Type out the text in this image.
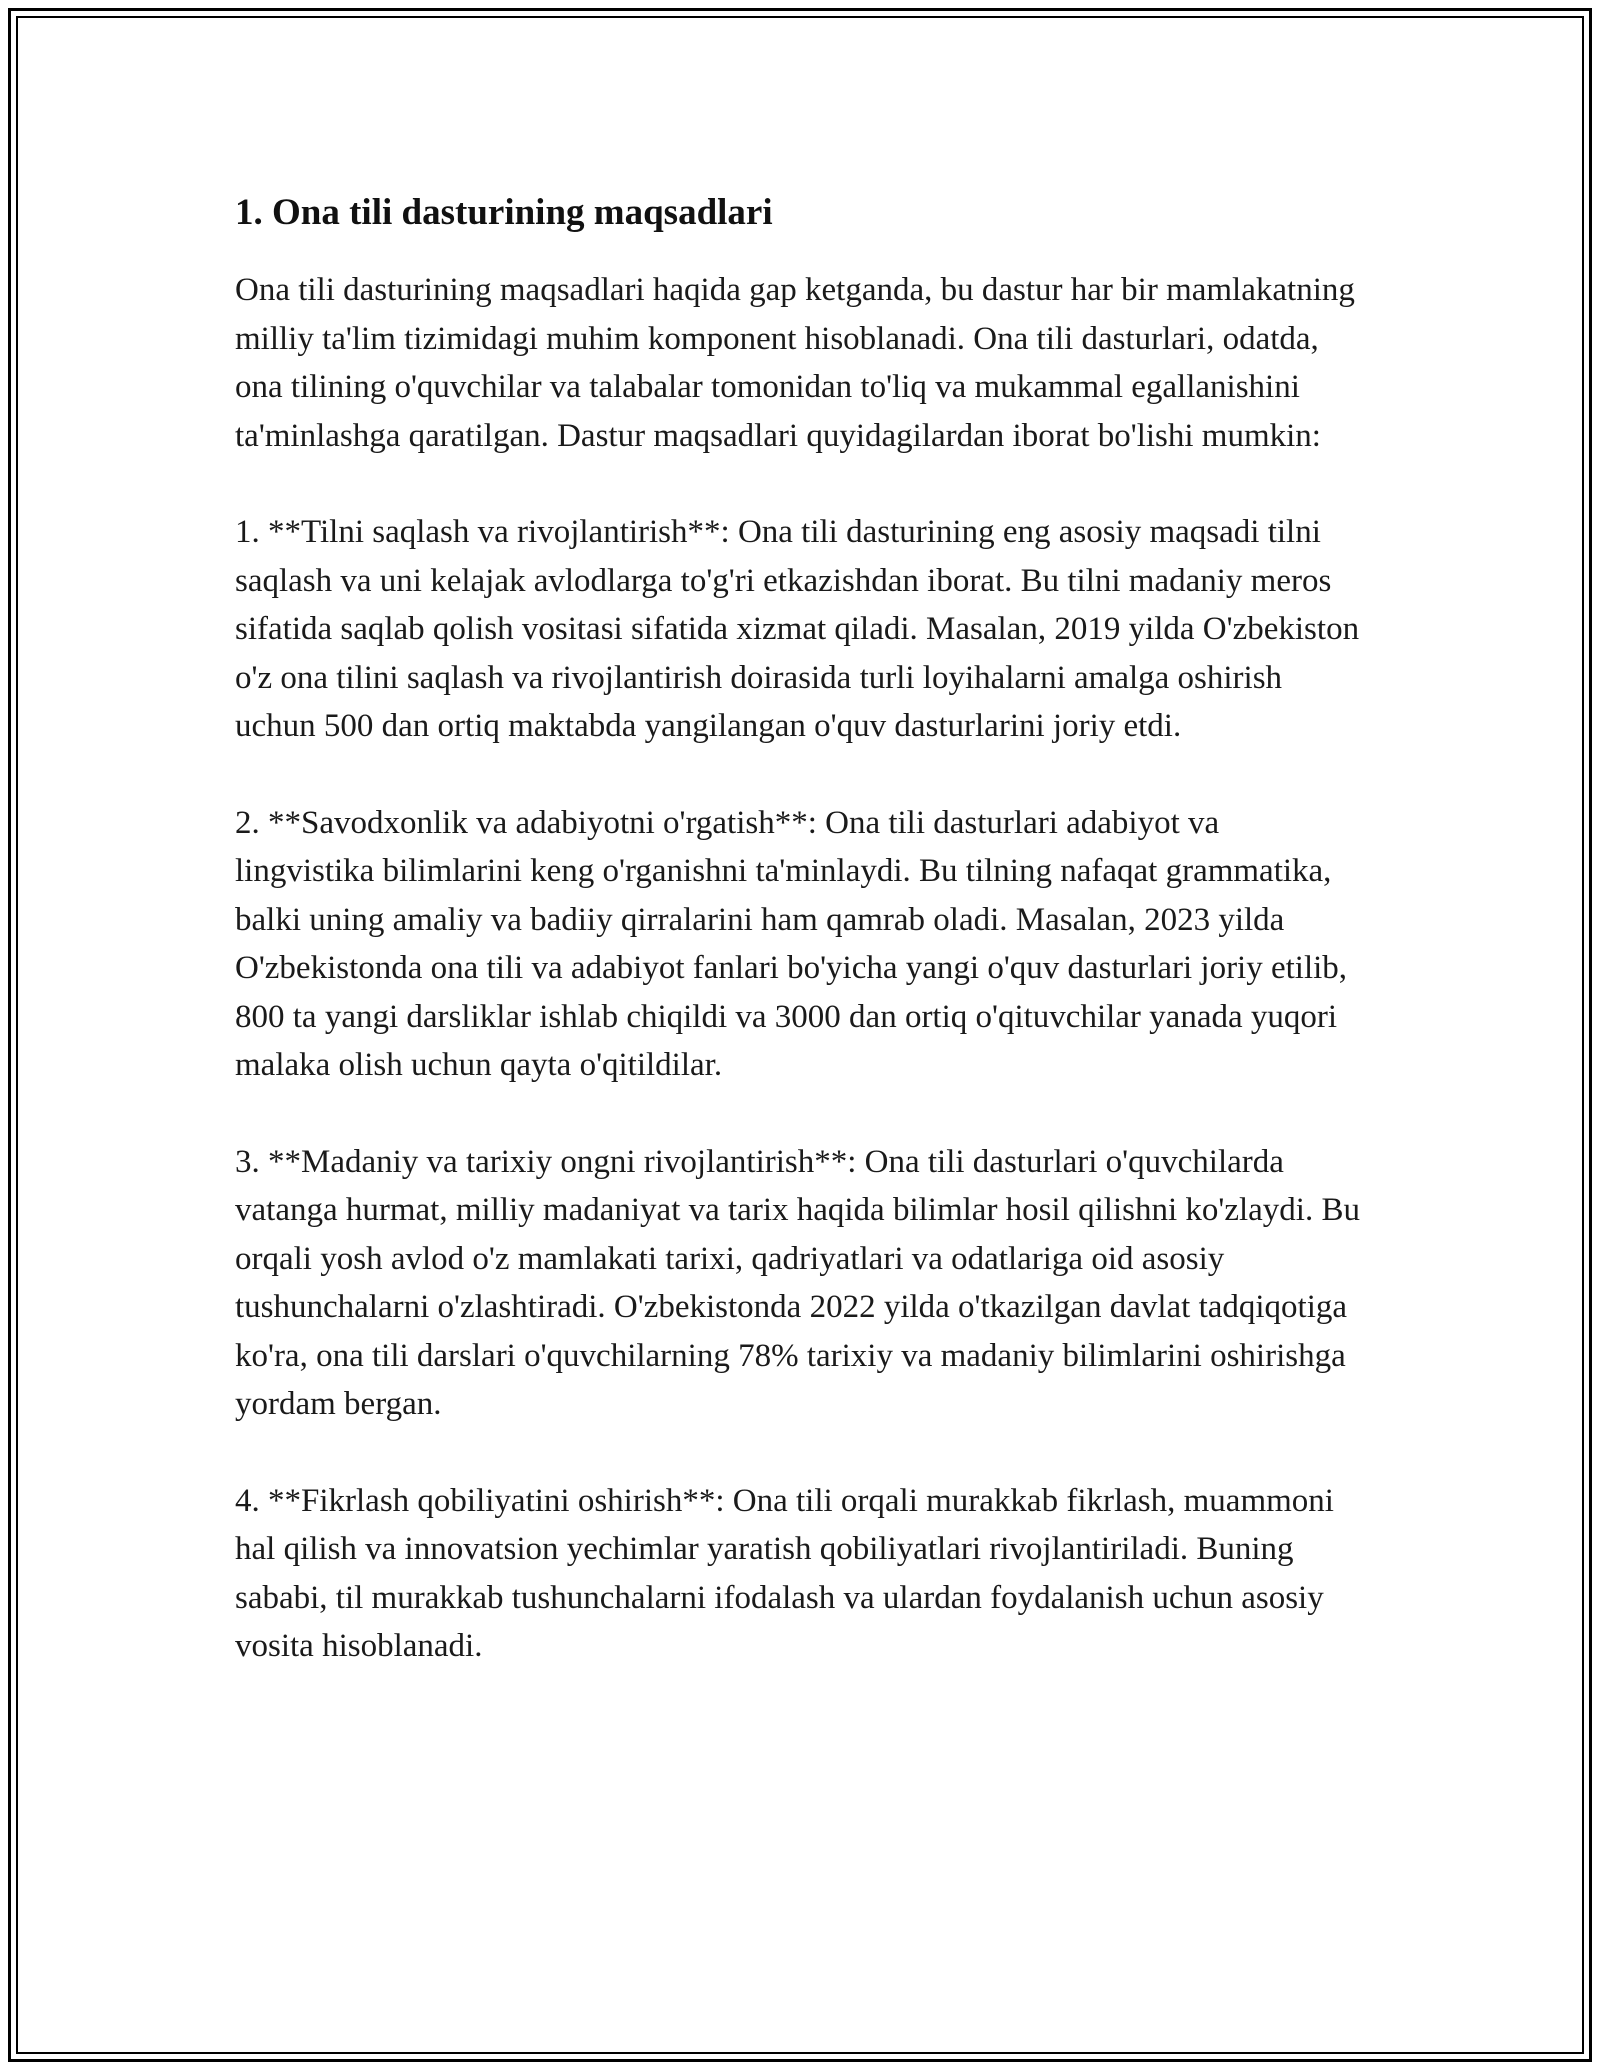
1. Ona tili dasturining maqsadlari

Ona tili dasturining maqsadlari haqida gap ketganda, bu dastur har bir mamlakatning milliy ta'lim tizimidagi muhim komponent hisoblanadi. Ona tili dasturlari, odatda, ona tilining o'quvchilar va talabalar tomonidan to'liq va mukammal egallanishini ta'minlashga qaratilgan. Dastur maqsadlari quyidagilardan iborat bo'lishi mumkin:

1. **Tilni saqlash va rivojlantirish**: Ona tili dasturining eng asosiy maqsadi tilni saqlash va uni kelajak avlodlarga to'g'ri etkazishdan iborat. Bu tilni madaniy meros sifatida saqlab qolish vositasi sifatida xizmat qiladi. Masalan, 2019 yilda O'zbekiston o'z ona tilini saqlash va rivojlantirish doirasida turli loyihalarni amalga oshirish uchun 500 dan ortiq maktabda yangilangan o'quv dasturlarini joriy etdi.

2. **Savodxonlik va adabiyotni o'rgatish**: Ona tili dasturlari adabiyot va lingvistika bilimlarini keng o'rganishni ta'minlaydi. Bu tilning nafaqat grammatika, balki uning amaliy va badiiy qirralarini ham qamrab oladi. Masalan, 2023 yilda O'zbekistonda ona tili va adabiyot fanlari bo'yicha yangi o'quv dasturlari joriy etilib, 800 ta yangi darsliklar ishlab chiqildi va 3000 dan ortiq o'qituvchilar yanada yuqori malaka olish uchun qayta o'qitildilar.

3. **Madaniy va tarixiy ongni rivojlantirish**: Ona tili dasturlari o'quvchilarda vatanga hurmat, milliy madaniyat va tarix haqida bilimlar hosil qilishni ko'zlaydi. Bu orqali yosh avlod o'z mamlakati tarixi, qadriyatlari va odatlariga oid asosiy tushunchalarni o'zlashtiradi. O'zbekistonda 2022 yilda o'tkazilgan davlat tadqiqotiga ko'ra, ona tili darslari o'quvchilarning 78% tarixiy va madaniy bilimlarini oshirishga yordam bergan.

4. **Fikrlash qobiliyatini oshirish**: Ona tili orqali murakkab fikrlash, muammoni hal qilish va innovatsion yechimlar yaratish qobiliyatlari rivojlantiriladi. Buning sababi, til murakkab tushunchalarni ifodalash va ulardan foydalanish uchun asosiy vosita hisoblanadi.
